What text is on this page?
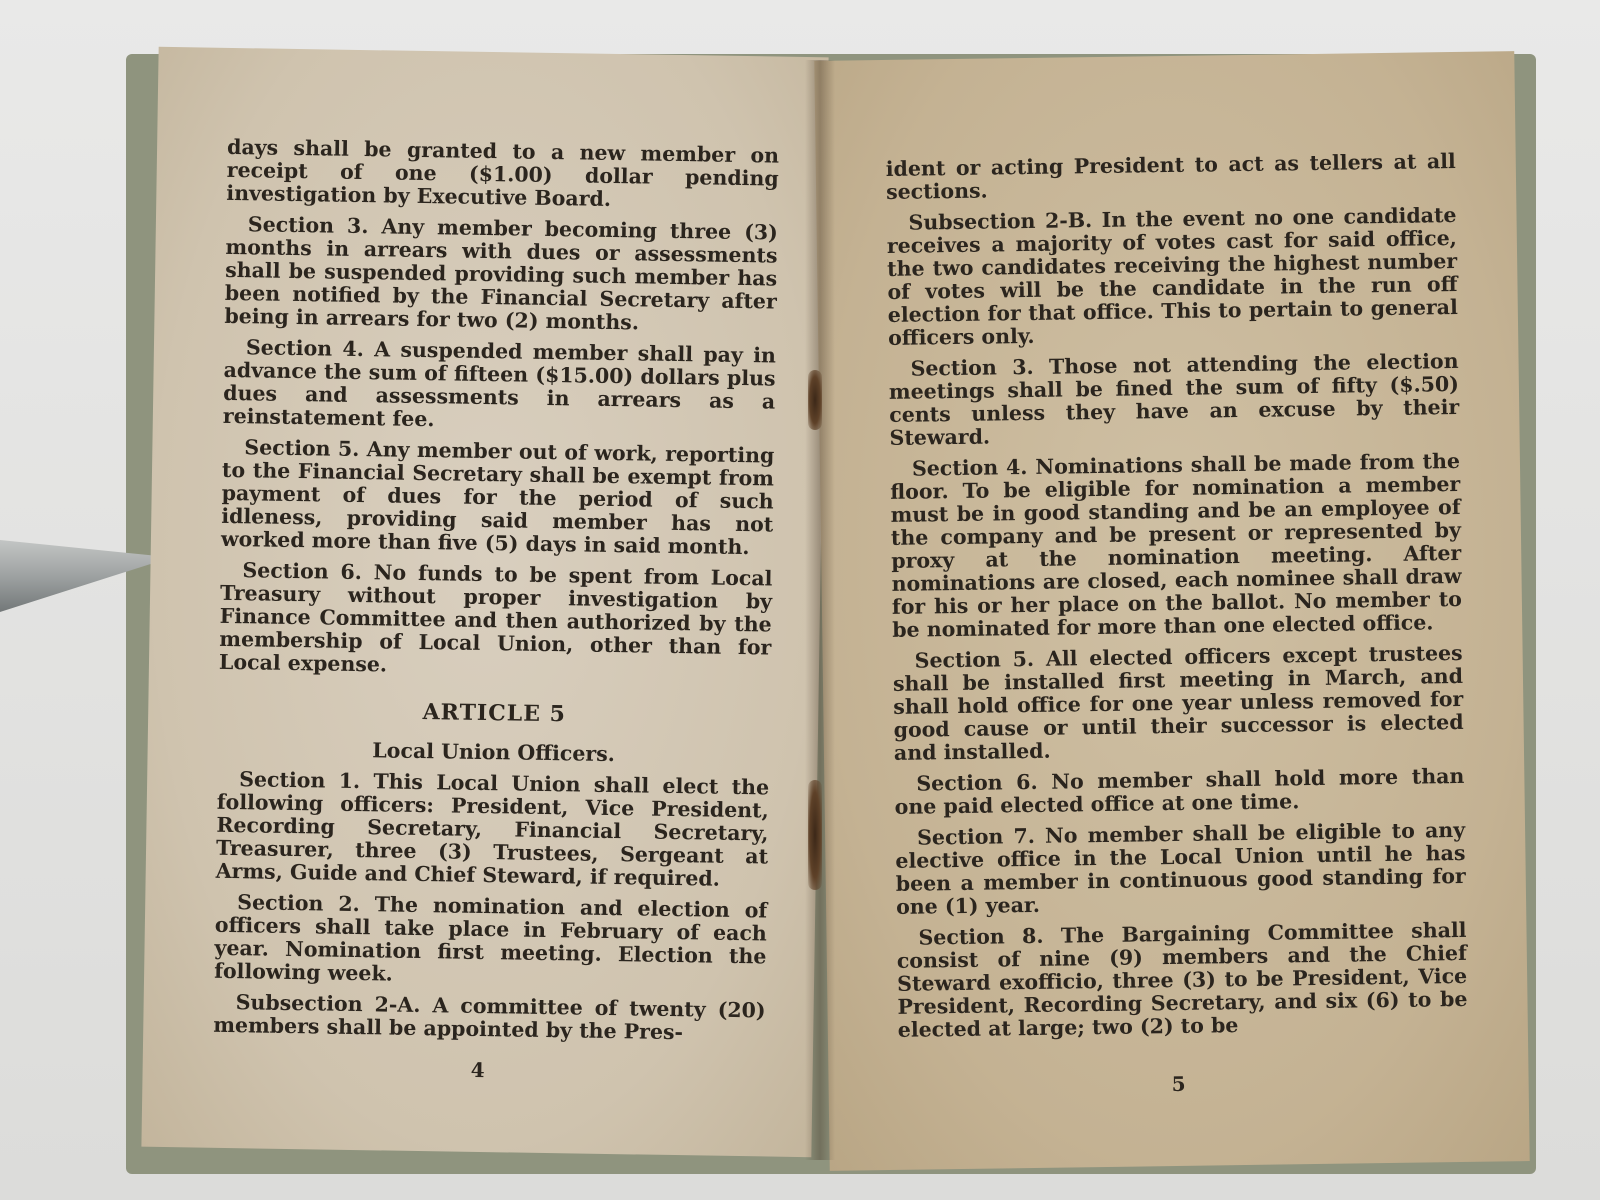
days shall be granted to a new member on receipt of one ($1.00) dollar pending investigation by Executive Board.

Section 3. Any member becoming three (3) months in arrears with dues or assessments shall be suspended providing such member has been notified by the Financial Secretary after being in arrears for two (2) months.

Section 4. A suspended member shall pay in advance the sum of fifteen ($15.00) dollars plus dues and assessments in arrears as a reinstatement fee.

Section 5. Any member out of work, reporting to the Financial Secretary shall be exempt from payment of dues for the period of such idleness, providing said member has not worked more than five (5) days in said month.

Section 6. No funds to be spent from Local Treasury without proper investigation by Finance Committee and then authorized by the membership of Local Union, other than for Local expense.

ARTICLE 5
Local Union Officers.

Section 1. This Local Union shall elect the following officers: President, Vice President, Recording Secretary, Financial Secretary, Treasurer, three (3) Trustees, Sergeant at Arms, Guide and Chief Steward, if required.

Section 2. The nomination and election of officers shall take place in February of each year. Nomination first meeting. Election the following week.

Subsection 2-A. A committee of twenty (20) members shall be appointed by the Pres-

4

ident or acting President to act as tellers at all sections.

Subsection 2-B. In the event no one candidate receives a majority of votes cast for said office, the two candidates receiving the highest number of votes will be the candidate in the run off election for that office. This to pertain to general officers only.

Section 3. Those not attending the election meetings shall be fined the sum of fifty ($.50) cents unless they have an excuse by their Steward.

Section 4. Nominations shall be made from the floor. To be eligible for nomination a member must be in good standing and be an employee of the company and be present or represented by proxy at the nomination meeting. After nominations are closed, each nominee shall draw for his or her place on the ballot. No member to be nominated for more than one elected office.

Section 5. All elected officers except trustees shall be installed first meeting in March, and shall hold office for one year unless removed for good cause or until their successor is elected and installed.

Section 6. No member shall hold more than one paid elected office at one time.

Section 7. No member shall be eligible to any elective office in the Local Union until he has been a member in continuous good standing for one (1) year.

Section 8. The Bargaining Committee shall consist of nine (9) members and the Chief Steward exofficio, three (3) to be President, Vice President, Recording Secretary, and six (6) to be elected at large; two (2) to be

5
